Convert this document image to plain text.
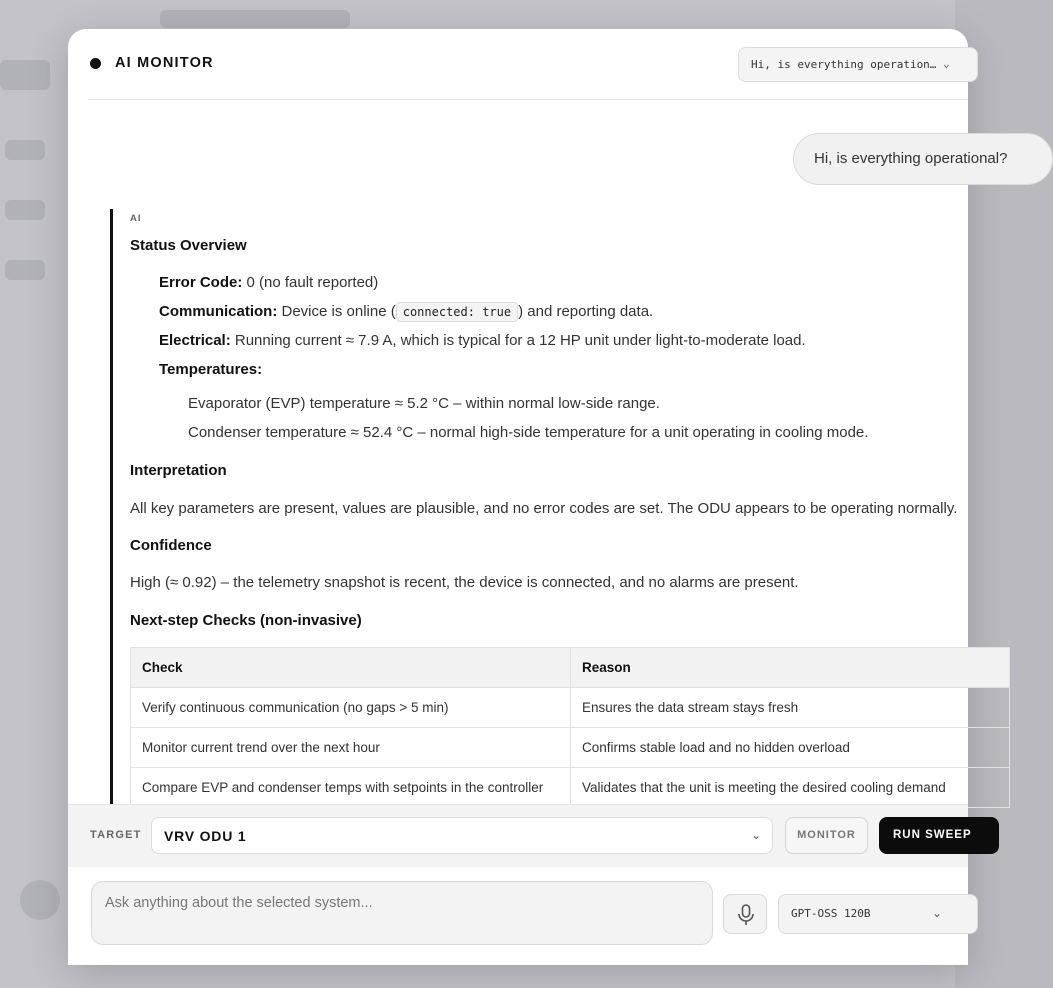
AI MONITOR	Hi, is everything operation… ⌄
Hi, is everything operational?
AI
Status Overview
Error Code: 0 (no fault reported)
Communication: Device is online ( connected: true ) and reporting data.
Electrical: Running current ≈ 7.9 A, which is typical for a 12 HP unit under light-to-moderate load.
Temperatures:
Evaporator (EVP) temperature ≈ 5.2 °C – within normal low-side range.
Condenser temperature ≈ 52.4 °C – normal high-side temperature for a unit operating in cooling mode.
Interpretation
All key parameters are present, values are plausible, and no error codes are set. The ODU appears to be operating normally.
Confidence
High (≈ 0.92) – the telemetry snapshot is recent, the device is connected, and no alarms are present.
Next-step Checks (non-invasive)
Check	Reason
Verify continuous communication (no gaps > 5 min)	Ensures the data stream stays fresh
Monitor current trend over the next hour	Confirms stable load and no hidden overload
Compare EVP and condenser temps with setpoints in the controller	Validates that the unit is meeting the desired cooling demand
TARGET	VRV ODU 1	⌄	MONITOR	RUN SWEEP
Ask anything about the selected system...
GPT-OSS 120B	⌄
